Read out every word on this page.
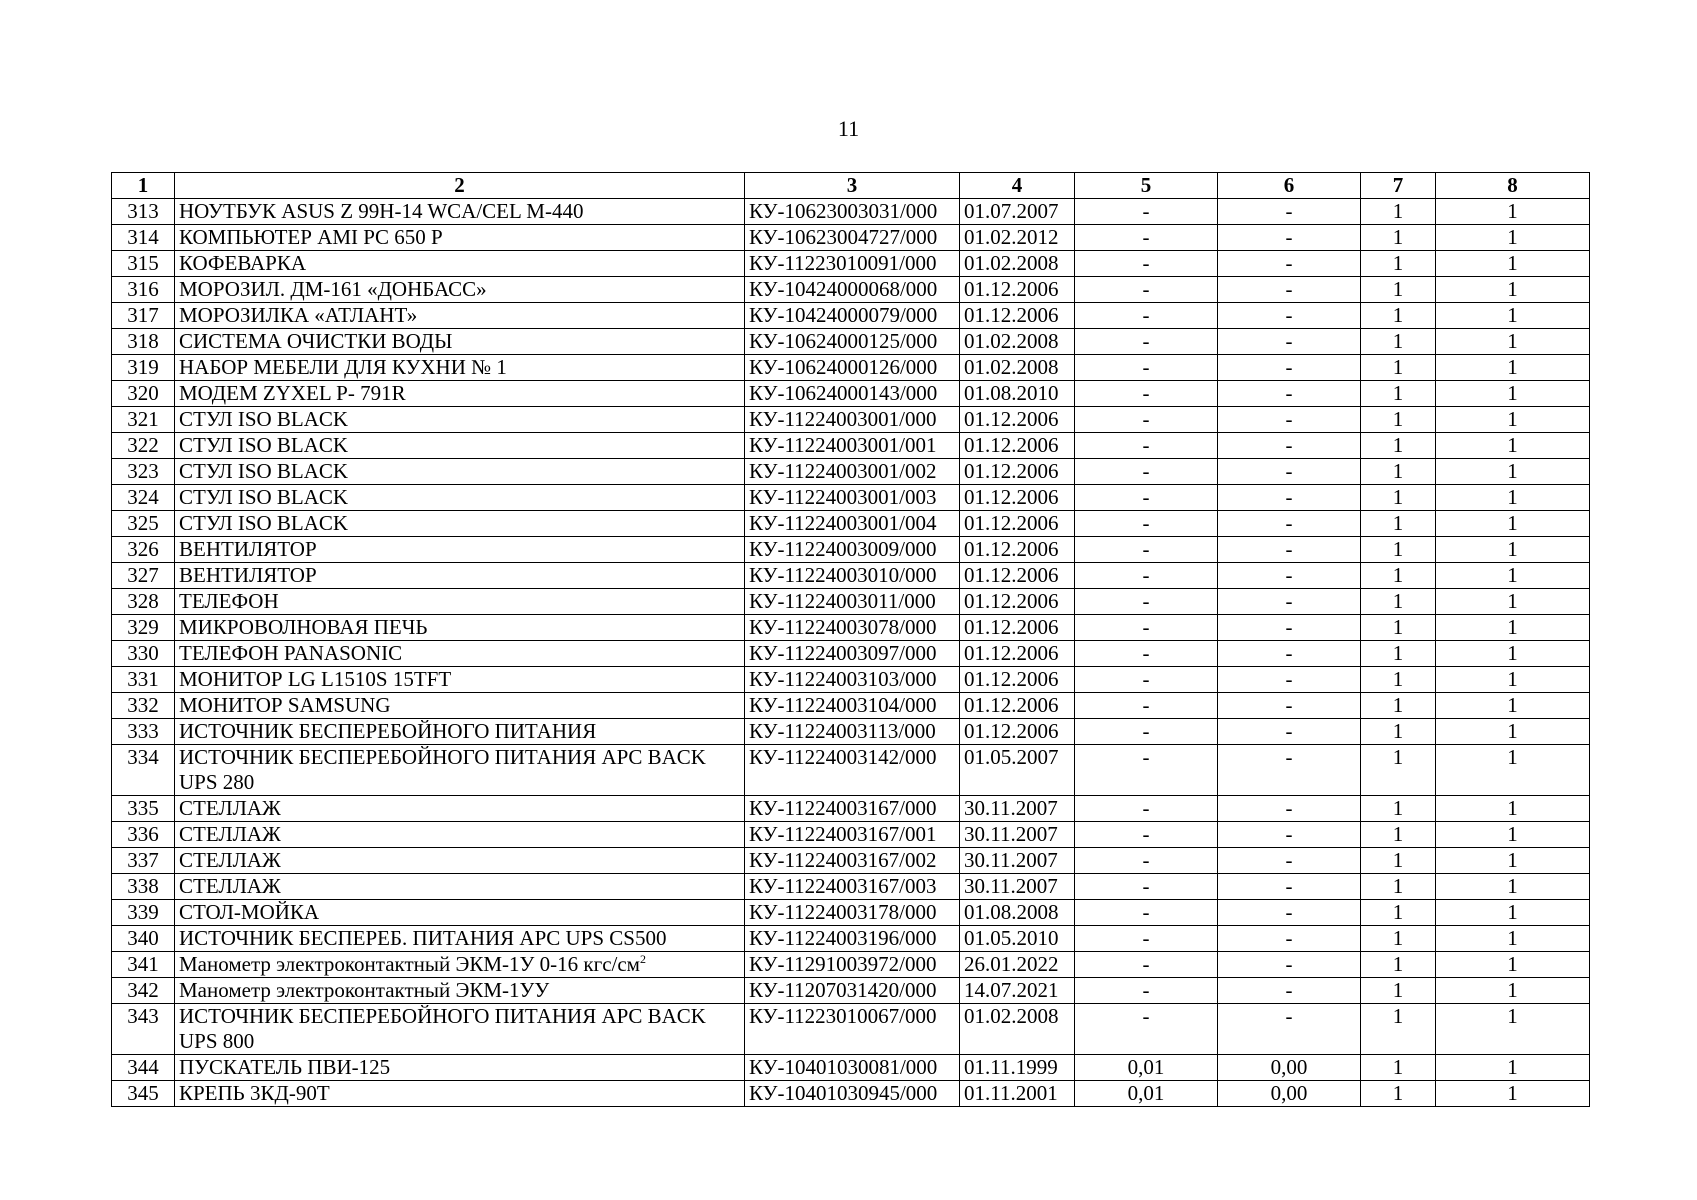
11
1	2	3	4	5	6	7	8
313	НОУТБУК ASUS Z 99H-14 WCA/CEL M-440	КУ-10623003031/000	01.07.2007	-	-	1	1
314	КОМПЬЮТЕР AMI PC 650 P	КУ-10623004727/000	01.02.2012	-	-	1	1
315	КОФЕВАРКА	КУ-11223010091/000	01.02.2008	-	-	1	1
316	МОРОЗИЛ. ДМ-161 «ДОНБАСС»	КУ-10424000068/000	01.12.2006	-	-	1	1
317	МОРОЗИЛКА «АТЛАНТ»	КУ-10424000079/000	01.12.2006	-	-	1	1
318	СИСТЕМА ОЧИСТКИ ВОДЫ	КУ-10624000125/000	01.02.2008	-	-	1	1
319	НАБОР МЕБЕЛИ ДЛЯ КУХНИ № 1	КУ-10624000126/000	01.02.2008	-	-	1	1
320	МОДЕМ ZYXEL P- 791R	КУ-10624000143/000	01.08.2010	-	-	1	1
321	СТУЛ ISO BLACK	КУ-11224003001/000	01.12.2006	-	-	1	1
322	СТУЛ ISO BLACK	КУ-11224003001/001	01.12.2006	-	-	1	1
323	СТУЛ ISO BLACK	КУ-11224003001/002	01.12.2006	-	-	1	1
324	СТУЛ ISO BLACK	КУ-11224003001/003	01.12.2006	-	-	1	1
325	СТУЛ ISO BLACK	КУ-11224003001/004	01.12.2006	-	-	1	1
326	ВЕНТИЛЯТОР	КУ-11224003009/000	01.12.2006	-	-	1	1
327	ВЕНТИЛЯТОР	КУ-11224003010/000	01.12.2006	-	-	1	1
328	ТЕЛЕФОН	КУ-11224003011/000	01.12.2006	-	-	1	1
329	МИКРОВОЛНОВАЯ ПЕЧЬ	КУ-11224003078/000	01.12.2006	-	-	1	1
330	ТЕЛЕФОН PANASONIC	КУ-11224003097/000	01.12.2006	-	-	1	1
331	МОНИТОР LG L1510S 15TFT	КУ-11224003103/000	01.12.2006	-	-	1	1
332	МОНИТОР SAMSUNG	КУ-11224003104/000	01.12.2006	-	-	1	1
333	ИСТОЧНИК БЕСПЕРЕБОЙНОГО ПИТАНИЯ	КУ-11224003113/000	01.12.2006	-	-	1	1
334	ИСТОЧНИК БЕСПЕРЕБОЙНОГО ПИТАНИЯ APC BACK UPS 280	КУ-11224003142/000	01.05.2007	-	-	1	1
335	СТЕЛЛАЖ	КУ-11224003167/000	30.11.2007	-	-	1	1
336	СТЕЛЛАЖ	КУ-11224003167/001	30.11.2007	-	-	1	1
337	СТЕЛЛАЖ	КУ-11224003167/002	30.11.2007	-	-	1	1
338	СТЕЛЛАЖ	КУ-11224003167/003	30.11.2007	-	-	1	1
339	СТОЛ-МОЙКА	КУ-11224003178/000	01.08.2008	-	-	1	1
340	ИСТОЧНИК БЕСПЕРЕБ. ПИТАНИЯ APC UPS CS500	КУ-11224003196/000	01.05.2010	-	-	1	1
341	Манометр электроконтактный ЭКМ-1У 0-16 кгс/$см^2$	КУ-11291003972/000	26.01.2022	-	-	1	1
342	Манометр электроконтактный ЭКМ-1УУ	КУ-11207031420/000	14.07.2021	-	-	1	1
343	ИСТОЧНИК БЕСПЕРЕБОЙНОГО ПИТАНИЯ APC BACK UPS 800	КУ-11223010067/000	01.02.2008	-	-	1	1
344	ПУСКАТЕЛЬ ПВИ-125	КУ-10401030081/000	01.11.1999	0,01	0,00	1	1
345	КРЕПЬ 3КД-90Т	КУ-10401030945/000	01.11.2001	0,01	0,00	1	1
